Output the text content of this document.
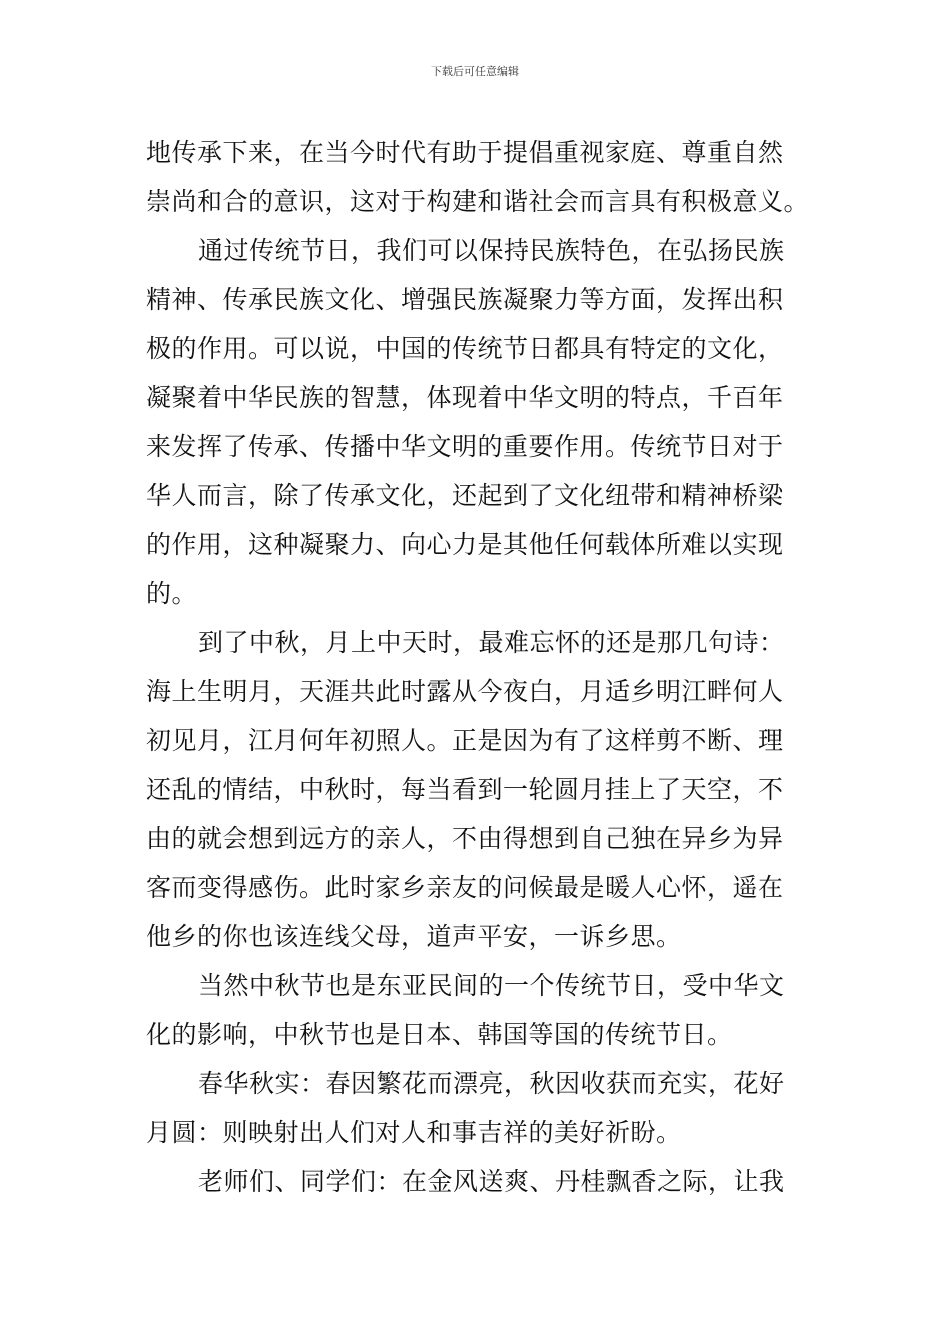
下载后可任意编辑
地传承下来，在当今时代有助于提倡重视家庭、尊重自然
崇尚和合的意识，这对于构建和谐社会而言具有积极意义。
通过传统节日，我们可以保持民族特色，在弘扬民族
精神、传承民族文化、增强民族凝聚力等方面，发挥出积
极的作用。可以说，中国的传统节日都具有特定的文化，
凝聚着中华民族的智慧，体现着中华文明的特点，千百年
来发挥了传承、传播中华文明的重要作用。传统节日对于
华人而言，除了传承文化，还起到了文化纽带和精神桥梁
的作用，这种凝聚力、向心力是其他任何载体所难以实现
的。
到了中秋，月上中天时，最难忘怀的还是那几句诗：
海上生明月，天涯共此时露从今夜白，月适乡明江畔何人
初见月，江月何年初照人。正是因为有了这样剪不断、理
还乱的情结，中秋时，每当看到一轮圆月挂上了天空，不
由的就会想到远方的亲人，不由得想到自己独在异乡为异
客而变得感伤。此时家乡亲友的问候最是暖人心怀，遥在
他乡的你也该连线父母，道声平安，一诉乡思。
当然中秋节也是东亚民间的一个传统节日，受中华文
化的影响，中秋节也是日本、韩国等国的传统节日。
春华秋实：春因繁花而漂亮，秋因收获而充实，花好
月圆：则映射出人们对人和事吉祥的美好祈盼。
老师们、同学们：在金风送爽、丹桂飘香之际，让我
